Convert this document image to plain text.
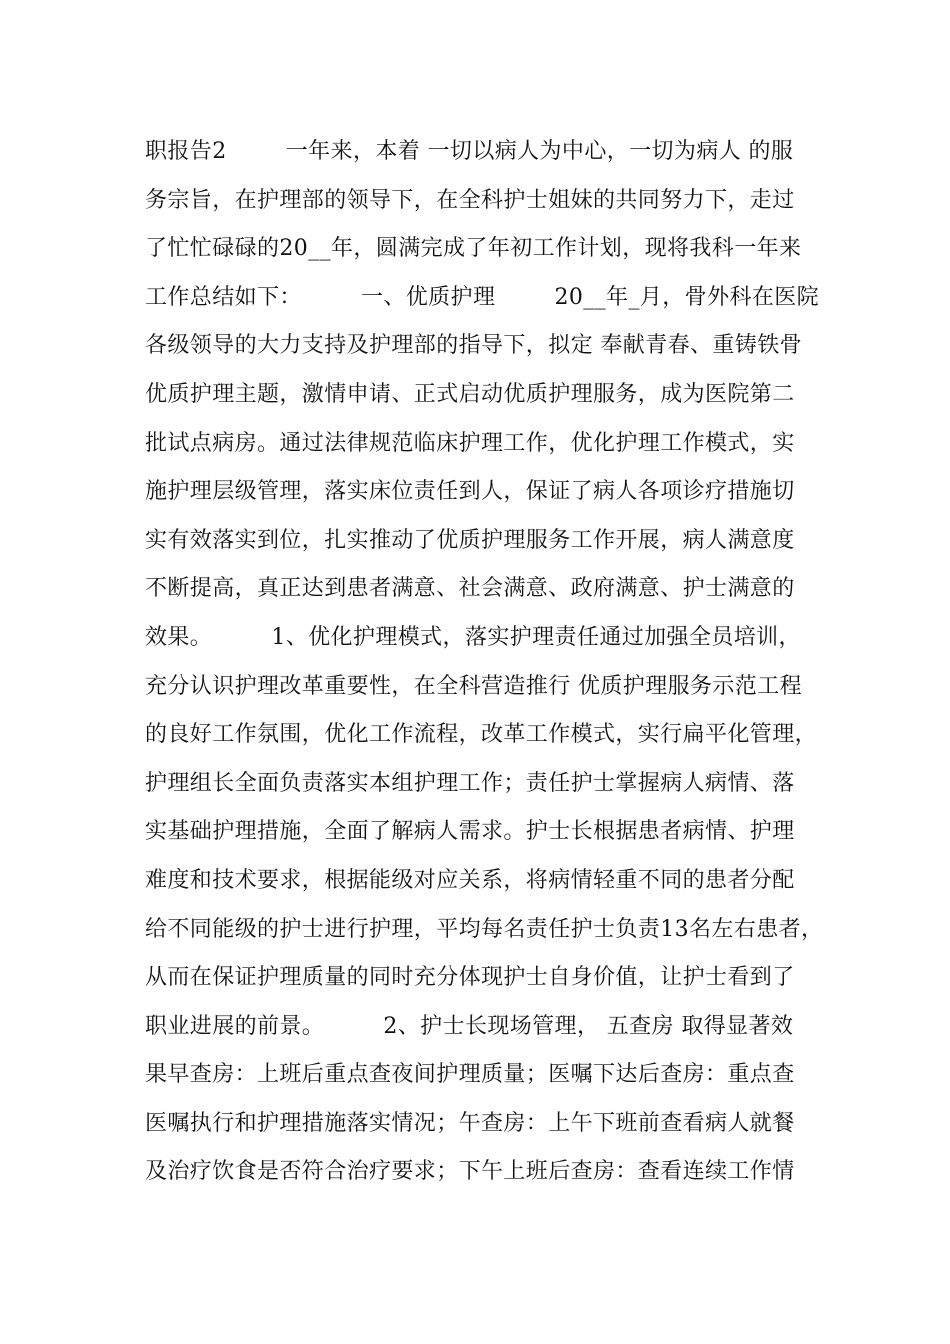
职报告2        一年来，本着 一切以病人为中心，一切为病人 的服
务宗旨，在护理部的领导下，在全科护士姐妹的共同努力下，走过
了忙忙碌碌的20__年，圆满完成了年初工作计划，现将我科一年来
工作总结如下：        一、优质护理        20__年_月，骨外科在医院
各级领导的大力支持及护理部的指导下，拟定 奉献青春、重铸铁骨
优质护理主题，激情申请、正式启动优质护理服务，成为医院第二
批试点病房。通过法律规范临床护理工作，优化护理工作模式，实
施护理层级管理，落实床位责任到人，保证了病人各项诊疗措施切
实有效落实到位，扎实推动了优质护理服务工作开展，病人满意度
不断提高，真正达到患者满意、社会满意、政府满意、护士满意的
效果。        1、优化护理模式，落实护理责任通过加强全员培训，
充分认识护理改革重要性，在全科营造推行 优质护理服务示范工程
的良好工作氛围，优化工作流程，改革工作模式，实行扁平化管理，
护理组长全面负责落实本组护理工作；责任护士掌握病人病情、落
实基础护理措施，全面了解病人需求。护士长根据患者病情、护理
难度和技术要求，根据能级对应关系，将病情轻重不同的患者分配
给不同能级的护士进行护理，平均每名责任护士负责13名左右患者，
从而在保证护理质量的同时充分体现护士自身价值，让护士看到了
职业进展的前景。        2、护士长现场管理， 五查房 取得显著效
果早查房：上班后重点查夜间护理质量；医嘱下达后查房：重点查
医嘱执行和护理措施落实情况；午查房：上午下班前查看病人就餐
及治疗饮食是否符合治疗要求；下午上班后查房：查看连续工作情
